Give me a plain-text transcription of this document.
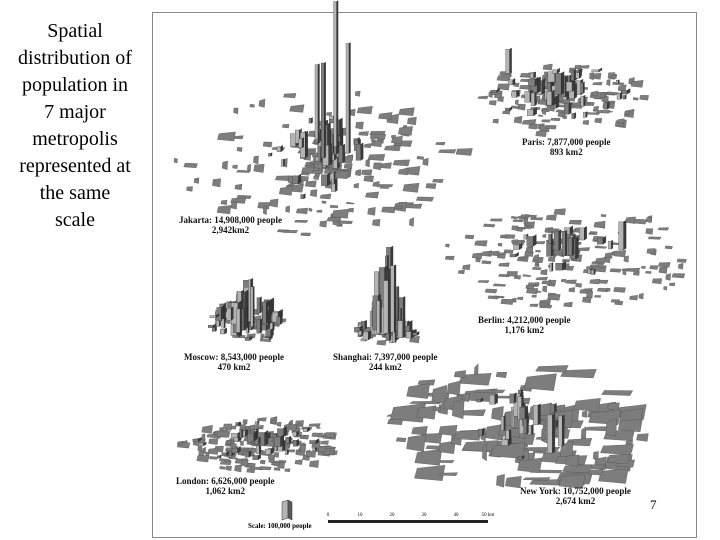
Spatial
distribution of
population in
7 major
metropolis
represented at
the same
scale	Jakarta: 14,908,000 people
2,942km2
Paris: 7,877,000 people
893 km2
Berlin: 4,212,000 people
1,176 km2
Moscow: 8,543,000 people
470 km2
Shanghai: 7,397,000 people
244 km2
London: 6,626,000 people
1,062 km2	New York: 10,752,000 people
2,674 km2
0	10	20	30	40	50 km
Scale: 100,000 people
7
